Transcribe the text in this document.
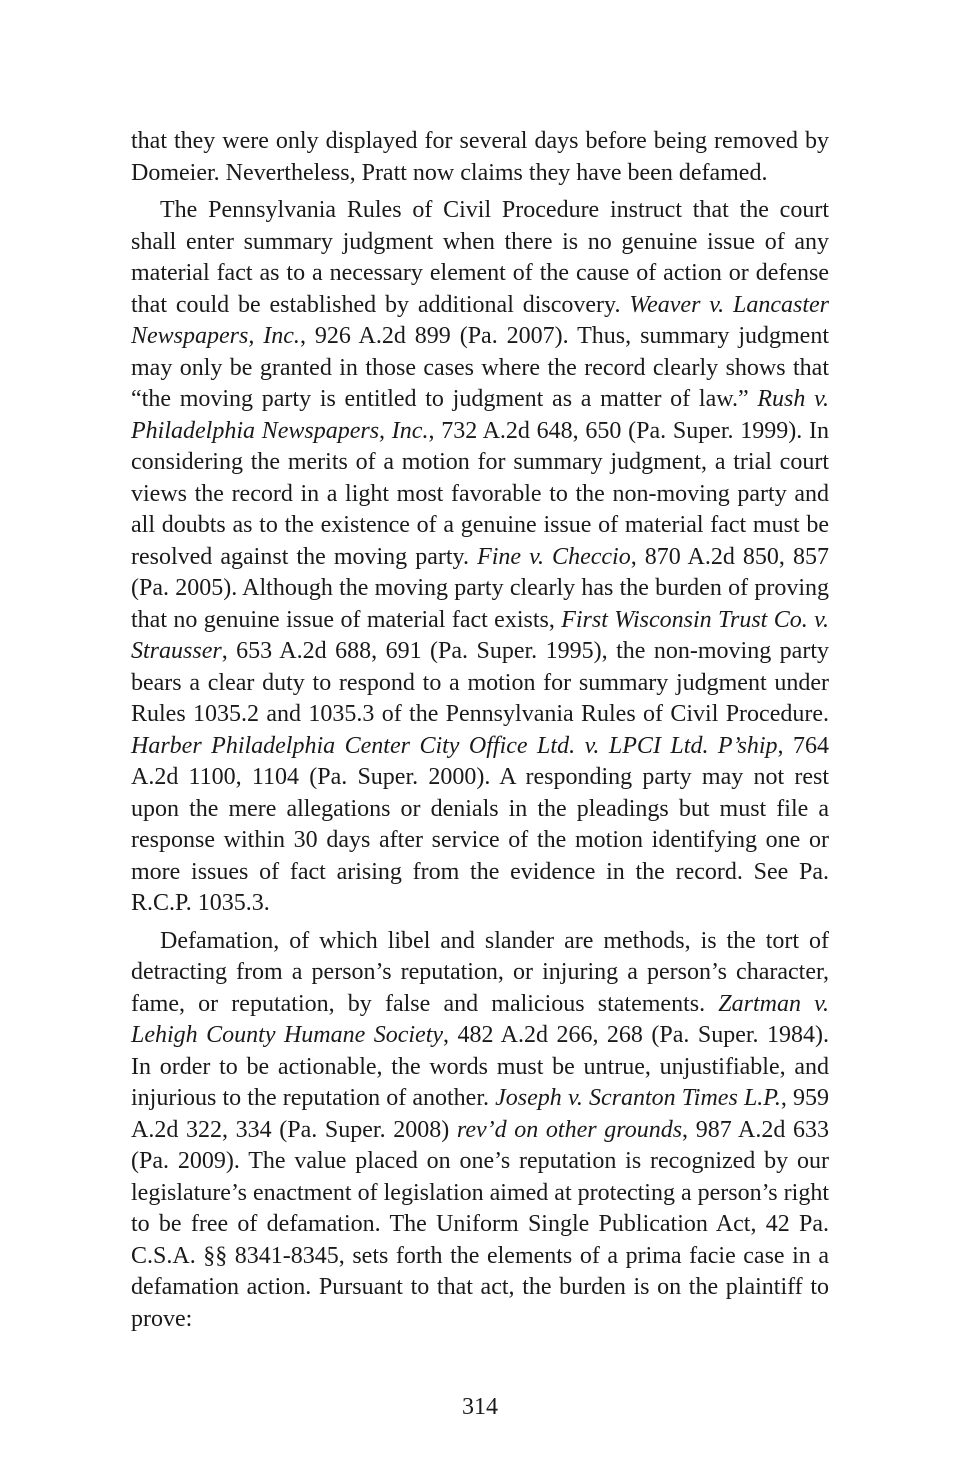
that they were only displayed for several days before being removed by Domeier. Nevertheless, Pratt now claims they have been defamed.

The Pennsylvania Rules of Civil Procedure instruct that the court shall enter summary judgment when there is no genuine issue of any material fact as to a necessary element of the cause of action or defense that could be established by additional discovery. Weaver v. Lancaster Newspapers, Inc., 926 A.2d 899 (Pa. 2007). Thus, summary judgment may only be granted in those cases where the record clearly shows that “the moving party is entitled to judgment as a matter of law.” Rush v. Philadelphia Newspapers, Inc., 732 A.2d 648, 650 (Pa. Super. 1999). In considering the merits of a motion for summary judgment, a trial court views the record in a light most favorable to the non-moving party and all doubts as to the existence of a genuine issue of material fact must be resolved against the moving party. Fine v. Checcio, 870 A.2d 850, 857 (Pa. 2005). Although the moving party clearly has the burden of proving that no genuine issue of material fact exists, First Wisconsin Trust Co. v. Strausser, 653 A.2d 688, 691 (Pa. Super. 1995), the non-moving party bears a clear duty to respond to a motion for summary judgment under Rules 1035.2 and 1035.3 of the Pennsylvania Rules of Civil Procedure. Harber Philadelphia Center City Office Ltd. v. LPCI Ltd. P’ship, 764 A.2d 1100, 1104 (Pa. Super. 2000). A responding party may not rest upon the mere allegations or denials in the pleadings but must file a response within 30 days after service of the motion identifying one or more issues of fact arising from the evidence in the record. See Pa. R.C.P. 1035.3.

Defamation, of which libel and slander are methods, is the tort of detracting from a person’s reputation, or injuring a person’s character, fame, or reputation, by false and malicious statements. Zartman v. Lehigh County Humane Society, 482 A.2d 266, 268 (Pa. Super. 1984). In order to be actionable, the words must be untrue, unjustifiable, and injurious to the reputation of another. Joseph v. Scranton Times L.P., 959 A.2d 322, 334 (Pa. Super. 2008) rev’d on other grounds, 987 A.2d 633 (Pa. 2009). The value placed on one’s reputation is recognized by our legislature’s enactment of legislation aimed at protecting a person’s right to be free of defamation. The Uniform Single Publication Act, 42 Pa. C.S.A. §§ 8341-8345, sets forth the elements of a prima facie case in a defamation action. Pursuant to that act, the burden is on the plaintiff to prove:

314
